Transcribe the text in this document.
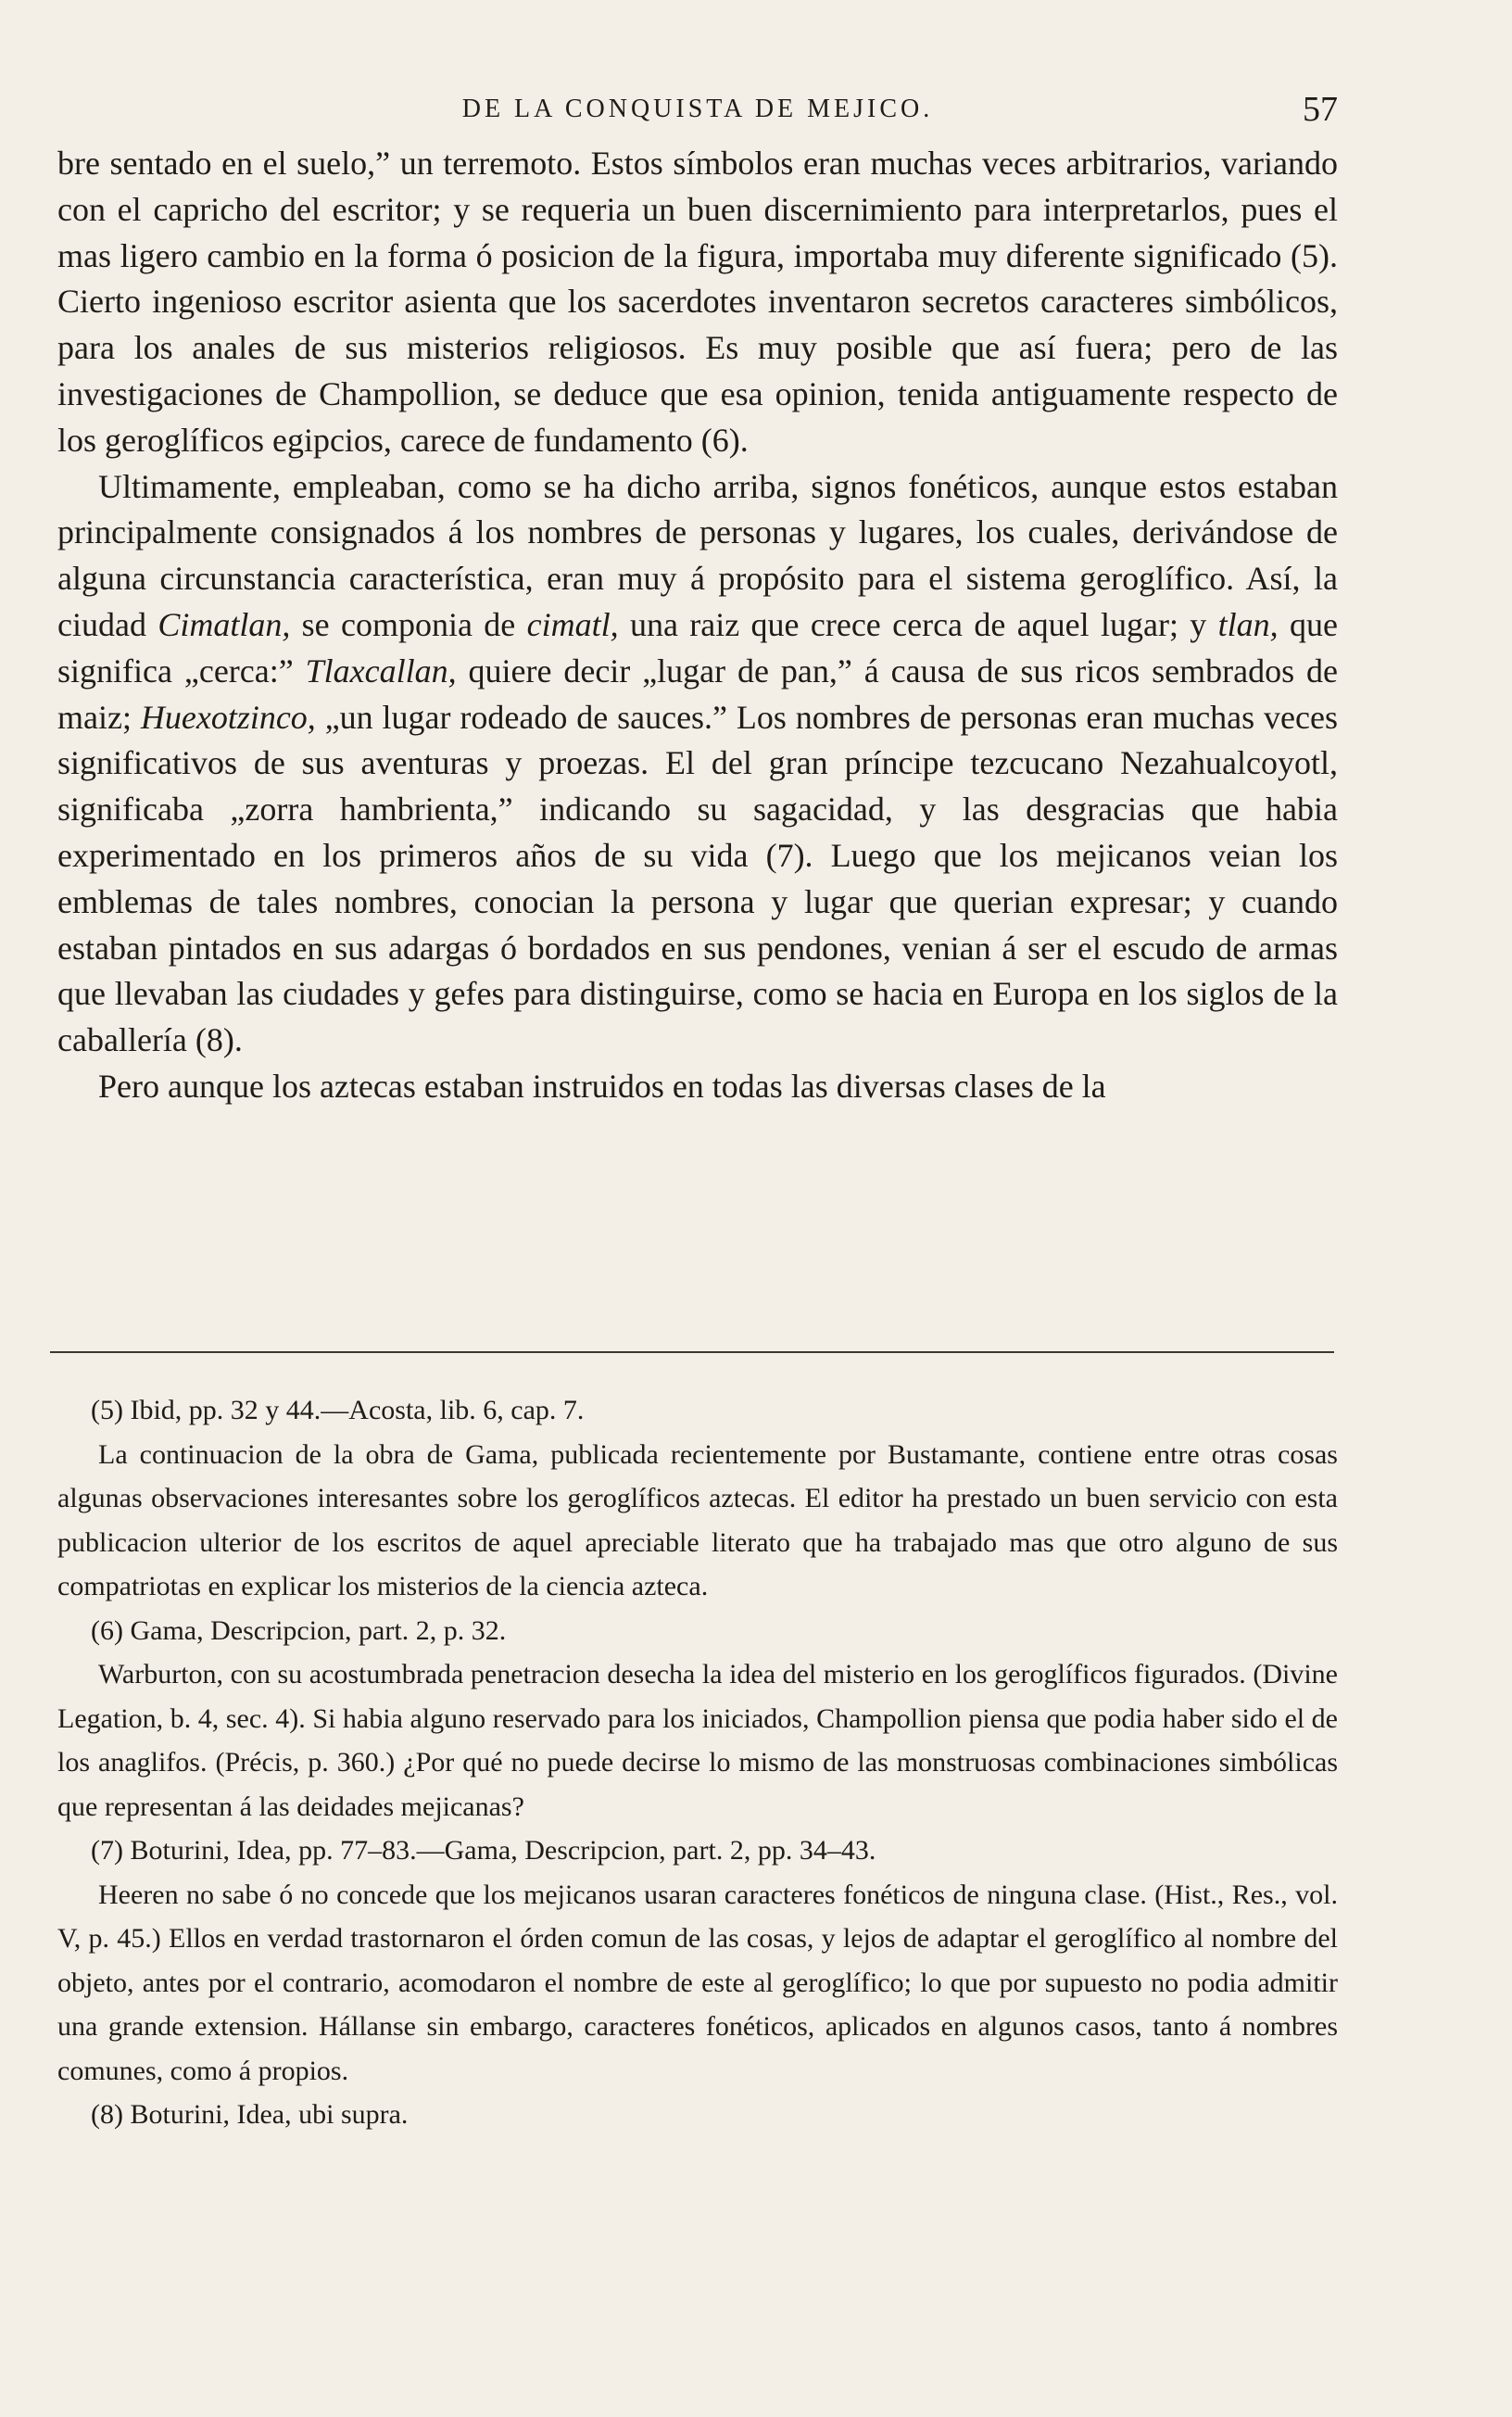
DE LA CONQUISTA DE MEJICO.	57

bre sentado en el suelo,” un terremoto. Estos símbolos eran muchas veces arbitrarios, variando con el capricho del escritor; y se requeria un buen discernimiento para interpretarlos, pues el mas ligero cambio en la forma ó posicion de la figura, importaba muy diferente significado (5). Cierto ingenioso escritor asienta que los sacerdotes inventaron secretos caracteres simbólicos, para los anales de sus misterios religiosos. Es muy posible que así fuera; pero de las investigaciones de Champollion, se deduce que esa opinion, tenida antiguamente respecto de los geroglíficos egipcios, carece de fundamento (6).

Ultimamente, empleaban, como se ha dicho arriba, signos fonéticos, aunque estos estaban principalmente consignados á los nombres de personas y lugares, los cuales, derivándose de alguna circunstancia característica, eran muy á propósito para el sistema geroglífico. Así, la ciudad Cimatlan, se componia de cimatl, una raiz que crece cerca de aquel lugar; y tlan, que significa „cerca:” Tlaxcallan, quiere decir „lugar de pan,” á causa de sus ricos sembrados de maiz; Huexotzinco, „un lugar rodeado de sauces.” Los nombres de personas eran muchas veces significativos de sus aventuras y proezas. El del gran príncipe tezcucano Nezahualcoyotl, significaba „zorra hambrienta,” indicando su sagacidad, y las desgracias que habia experimentado en los primeros años de su vida (7). Luego que los mejicanos veian los emblemas de tales nombres, conocian la persona y lugar que querian expresar; y cuando estaban pintados en sus adargas ó bordados en sus pendones, venian á ser el escudo de armas que llevaban las ciudades y gefes para distinguirse, como se hacia en Europa en los siglos de la caballería (8).

Pero aunque los aztecas estaban instruidos en todas las diversas clases de la

(5) Ibid, pp. 32 y 44.—Acosta, lib. 6, cap. 7.

La continuacion de la obra de Gama, publicada recientemente por Bustamante, contiene entre otras cosas algunas observaciones interesantes sobre los geroglíficos aztecas. El editor ha prestado un buen servicio con esta publicacion ulterior de los escritos de aquel apreciable literato que ha trabajado mas que otro alguno de sus compatriotas en explicar los misterios de la ciencia azteca.

(6) Gama, Descripcion, part. 2, p. 32.

Warburton, con su acostumbrada penetracion desecha la idea del misterio en los geroglíficos figurados. (Divine Legation, b. 4, sec. 4). Si habia alguno reservado para los iniciados, Champollion piensa que podia haber sido el de los anaglifos. (Précis, p. 360.) ¿Por qué no puede decirse lo mismo de las monstruosas combinaciones simbólicas que representan á las deidades mejicanas?

(7) Boturini, Idea, pp. 77–83.—Gama, Descripcion, part. 2, pp. 34–43.

Heeren no sabe ó no concede que los mejicanos usaran caracteres fonéticos de ninguna clase. (Hist., Res., vol. V, p. 45.) Ellos en verdad trastornaron el órden comun de las cosas, y lejos de adaptar el geroglífico al nombre del objeto, antes por el contrario, acomodaron el nombre de este al geroglífico; lo que por supuesto no podia admitir una grande extension. Hállanse sin embargo, caracteres fonéticos, aplicados en algunos casos, tanto á nombres comunes, como á propios.

(8) Boturini, Idea, ubi supra.
